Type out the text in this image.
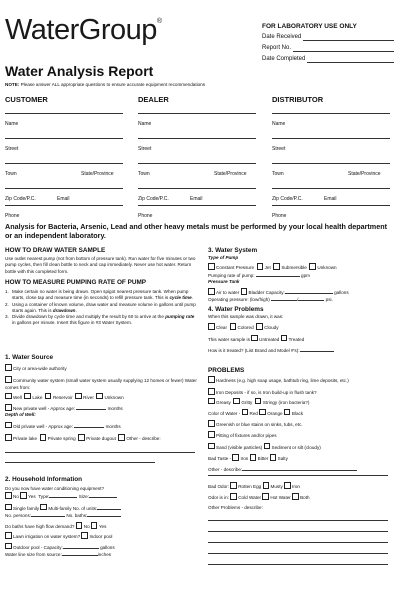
WaterGroup®
FOR LABORATORY USE ONLY
Date Received
Report No.
Date Completed
Water Analysis Report
NOTE: Please answer ALL appropriate questions to ensure accurate equipment recommendations
CUSTOMER	DEALER	DISTRIBUTOR
Name
Street
Town	State/Province
Zip Code/P.C.	Email
Phone
Name
Street
Town	State/Province
Zip Code/P.C.	Email
Phone
Name
Street
Town	State/Province
Zip Code/P.C.	Email
Phone
Analysis for Bacteria, Arsenic, Lead and other heavy metals must be performed by your local health department or an independent laboratory.
HOW TO DRAW WATER SAMPLE
Use outlet nearest pump (not from bottom of pressure tank). Run water for five minutes or two pump cycles, then fill clean bottle to neck and cap immediately. Never use hot water. Return bottle with this completed form.
HOW TO MEASURE PUMPING RATE OF PUMP
1. Make certain no water is being drawn. Open spigot nearest pressure tank. When pump starts, close tap and measure time (in seconds) to refill pressure tank. This is cycle time.
2. Using a container of known volume, draw water and measure volume in gallons until pump starts again. This is drawdown.
3. Divide drawdown by cycle time and multiply the result by 60 to arrive at the pumping rate in gallons per minute. Insert this figure in #3 Water System.
1. Water Source
City or area-wide authority
Community water system (small water system usually supplying 12 homes or fewer) Water comes from:
Well Lake Reservoir River Unknown
New private well - Approx age:	months
Depth of Well:
Old private well - Approx age:	months
Private lake Private spring Private dugout Other - describe:
2. Household Information
Do you now have water conditioning equipment?
No Yes Type:	Size:
Single family Multi-family No. of units:
No. persons:	No. baths:
Do baths have high flow demand? No Yes
Lawn irrigation on water system? Indoor pool
Outdoor pool - Capacity:	gallons
Water line size from source:	inches
3. Water System
Type of Pump
Constant Pressure Jet Submersible Unknown
Pumping rate of pump:	gpm
Pressure Tank
Air to water Bladder Capacity:	gallons
Operating pressure: (low/high)	/	psi.
4. Water Problems
When this sample was drawn, it was:
Clear Colored Cloudy
This water sample is Untreated Treated
How is it treated? (List Brand and Model #'s):
PROBLEMS
Hardness (e.g. high soap usage, bathtub ring, lime deposits, etc.)
Iron Deposits - if so, is Iron build-up in flush tank?
Greasy Gritty Stringy (iron bacteria?)
Color of Water - Red Orange Black
Greenish or blue stains on sinks, tubs, etc.
Pitting of fixtures and/or pipes
Sand (visible particles) Sediment or silt (cloudy)
Bad Taste - Iron Bitter Salty
Other - describe:
Bad Odor: Rotten Egg Musty Iron
Odor is in: Cold Water Hot Water Both
Other Problems - describe:
